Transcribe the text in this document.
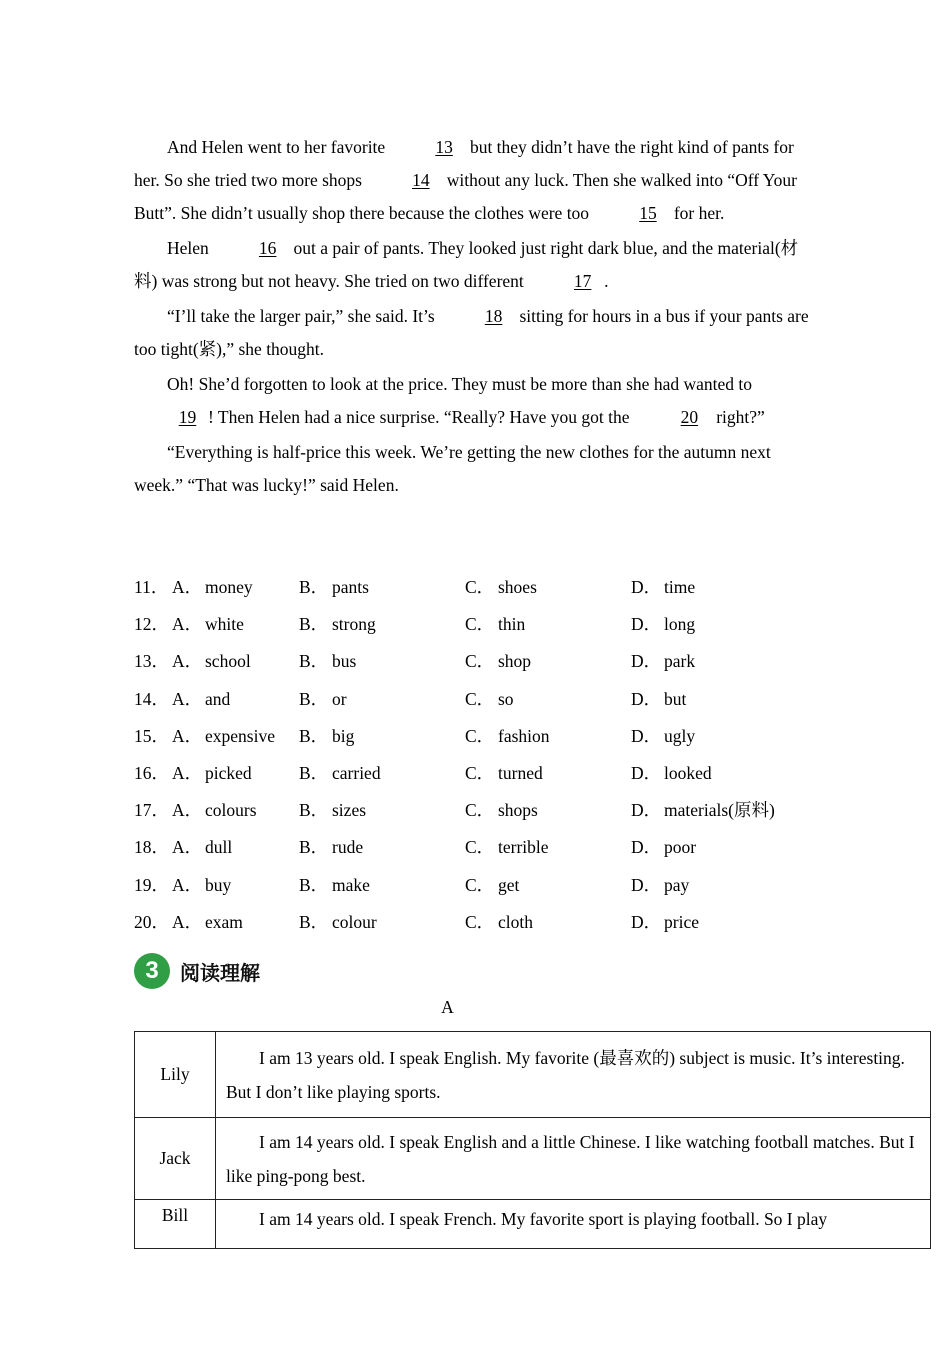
And Helen went to her favorite	13 but they didn’t have the right kind of pants for her. So she tried two more shops	14 without any luck. Then she walked into “Off Your Butt”. She didn’t usually shop there because the clothes were too	15 for her.

Helen	16 out a pair of pants. They looked just right dark blue, and the material(材料) was strong but not heavy. She tried on two different	17 .

“I’ll take the larger pair,” she said. It’s	18 sitting for hours in a bus if your pants are too tight(紧),” she thought.

Oh! She’d forgotten to look at the price. They must be more than she had wanted to 19 ! Then Helen had a nice surprise. “Really? Have you got the	20 right?”

“Everything is half-price this week. We’re getting the new clothes for the autumn next week.” “That was lucky!” said Helen.

11． A． money	B． pants	C． shoes	D． time
12． A． white	B． strong	C． thin	D． long
13． A． school	B． bus	C． shop	D． park
14． A． and	B． or	C． so	D． but
15． A． expensive B． big	C． fashion	D． ugly
16． A． picked	B． carried	C． turned	D． looked
17． A． colours B． sizes	C． shops	D． materials(原料)
18． A． dull	B． rude	C． terrible	D． poor
19． A． buy	B． make	C． get	D． pay
20． A． exam	B． colour	C． cloth	D． price
3	阅读理解
A
Lily	I am 13 years old. I speak English. My favorite (最喜欢的) subject is music. It’s interesting. But I don’t like playing sports.

Jack	I am 14 years old. I speak English and a little Chinese. I like watching football matches. But I like ping-pong best.

Bill	I am 14 years old. I speak French. My favorite sport is playing football. So I play
